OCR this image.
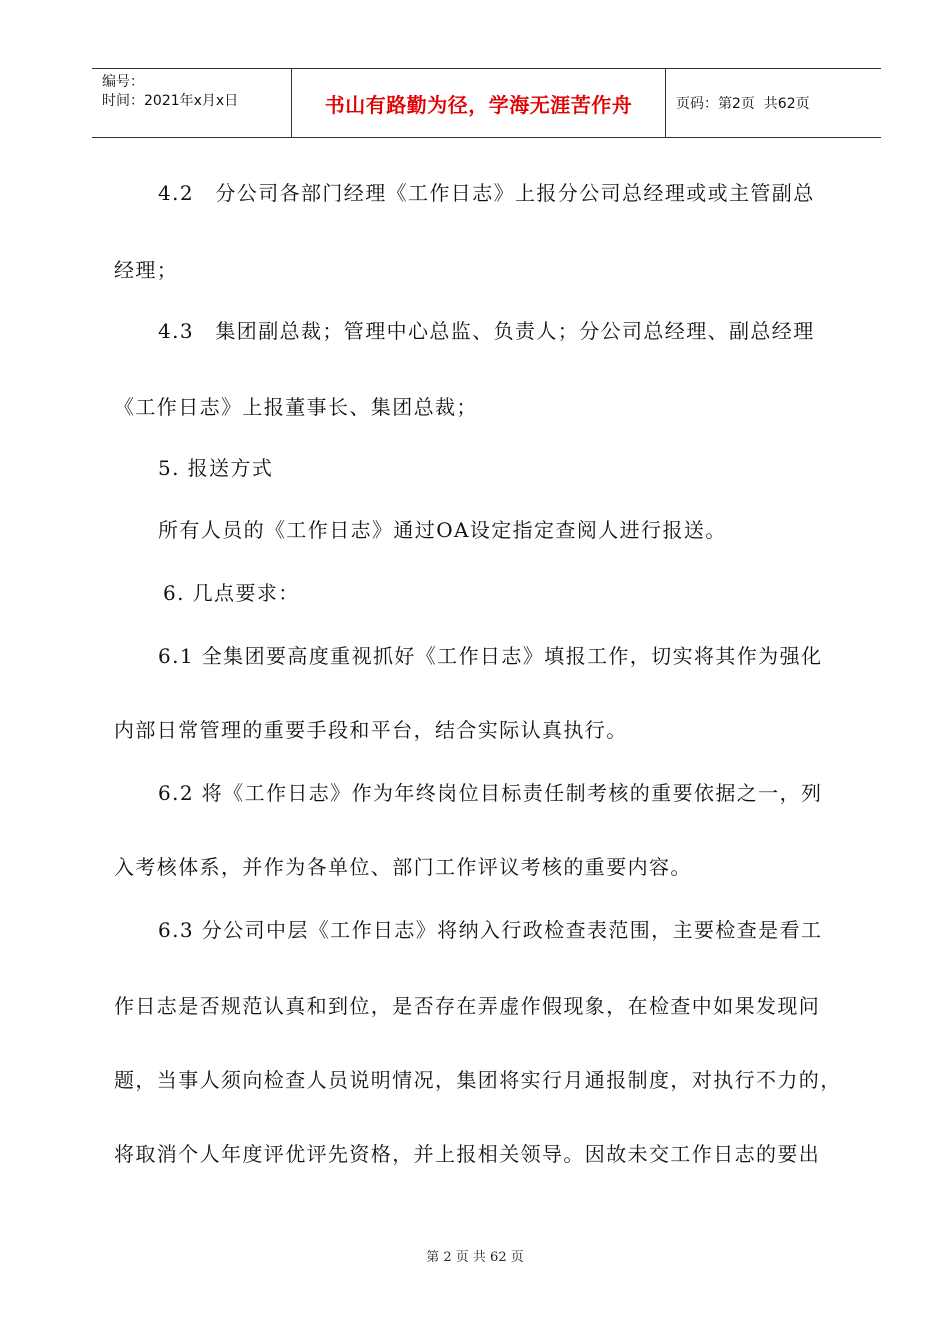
编号：
时间：2021年x月x日	书山有路勤为径，学海无涯苦作舟	页码：第2页  共62页
4.2　分公司各部门经理《工作日志》上报分公司总经理或或主管副总
经理；
4.3　集团副总裁；管理中心总监、负责人；分公司总经理、副总经理
《工作日志》上报董事长、集团总裁；
5. 报送方式
所有人员的《工作日志》通过OA设定指定查阅人进行报送。
6. 几点要求：
6.1 全集团要高度重视抓好《工作日志》填报工作，切实将其作为强化
内部日常管理的重要手段和平台，结合实际认真执行。
6.2 将《工作日志》作为年终岗位目标责任制考核的重要依据之一，列
入考核体系，并作为各单位、部门工作评议考核的重要内容。
6.3 分公司中层《工作日志》将纳入行政检查表范围，主要检查是看工
作日志是否规范认真和到位，是否存在弄虚作假现象，在检查中如果发现问
题，当事人须向检查人员说明情况，集团将实行月通报制度，对执行不力的，
将取消个人年度评优评先资格，并上报相关领导。因故未交工作日志的要出
第 2 页 共 62 页
